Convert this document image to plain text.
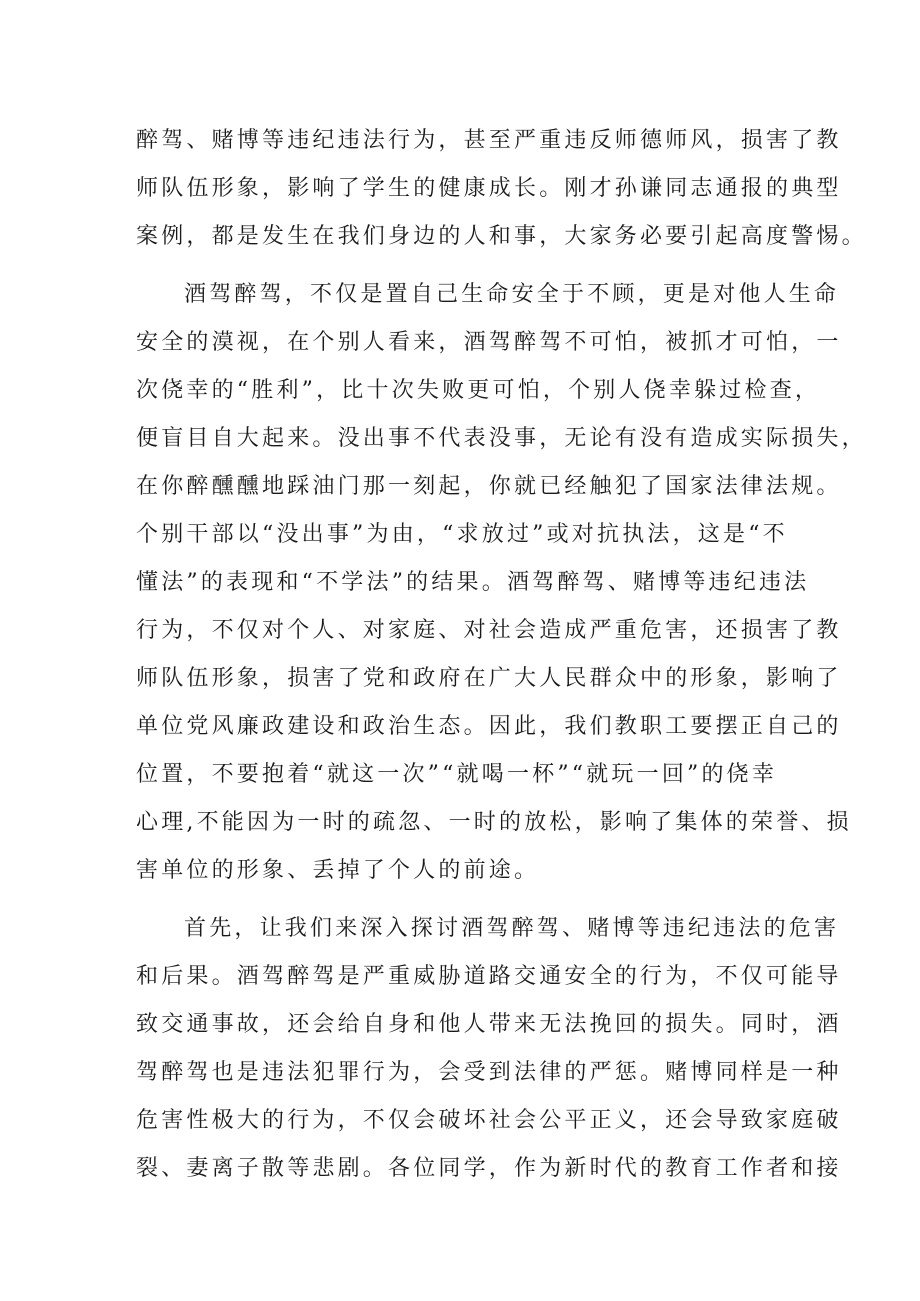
醉驾、赌博等违纪违法行为，甚至严重违反师德师风，损害了教
师队伍形象，影响了学生的健康成长。刚才孙谦同志通报的典型
案例，都是发生在我们身边的人和事，大家务必要引起高度警惕。
酒驾醉驾，不仅是置自己生命安全于不顾，更是对他人生命
安全的漠视，在个别人看来，酒驾醉驾不可怕，被抓才可怕，一
次侥幸的“胜利”，比十次失败更可怕，个别人侥幸躲过检查，
便盲目自大起来。没出事不代表没事，无论有没有造成实际损失，
在你醉醺醺地踩油门那一刻起，你就已经触犯了国家法律法规。
个别干部以“没出事”为由，“求放过”或对抗执法，这是“不
懂法”的表现和“不学法”的结果。酒驾醉驾、赌博等违纪违法
行为，不仅对个人、对家庭、对社会造成严重危害，还损害了教
师队伍形象，损害了党和政府在广大人民群众中的形象，影响了
单位党风廉政建设和政治生态。因此，我们教职工要摆正自己的
位置，不要抱着“就这一次”“就喝一杯”“就玩一回”的侥幸
心理,不能因为一时的疏忽、一时的放松，影响了集体的荣誉、损
害单位的形象、丢掉了个人的前途。
首先，让我们来深入探讨酒驾醉驾、赌博等违纪违法的危害
和后果。酒驾醉驾是严重威胁道路交通安全的行为，不仅可能导
致交通事故，还会给自身和他人带来无法挽回的损失。同时，酒
驾醉驾也是违法犯罪行为，会受到法律的严惩。赌博同样是一种
危害性极大的行为，不仅会破坏社会公平正义，还会导致家庭破
裂、妻离子散等悲剧。各位同学，作为新时代的教育工作者和接
